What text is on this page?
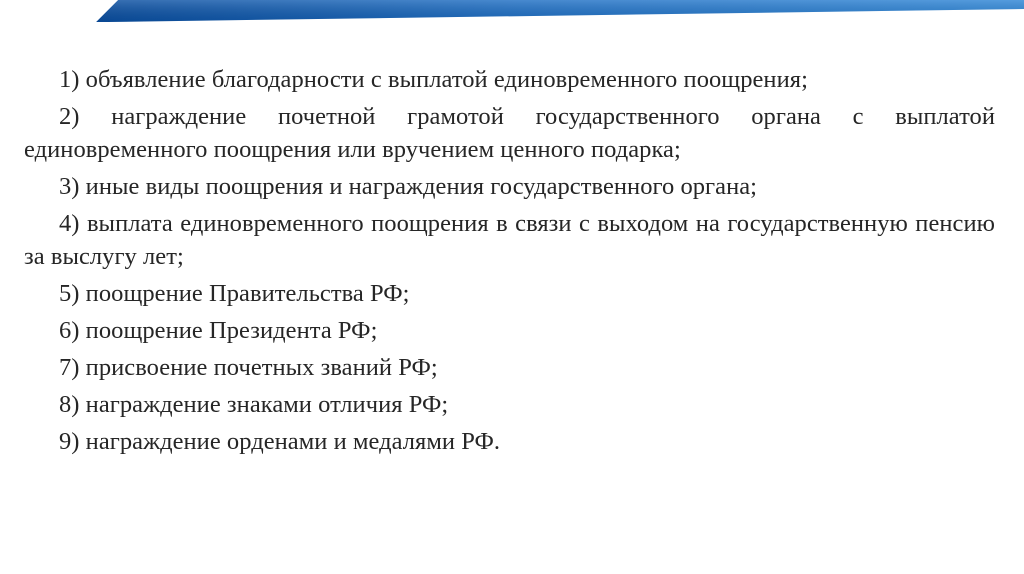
1) объявление благодарности с выплатой единовременного поощрения;

2) награждение почетной грамотой государственного органа с выплатой единовременного поощрения или вручением ценного подарка;

3) иные виды поощрения и награждения государственного органа;

4) выплата единовременного поощрения в связи с выходом на государственную пенсию за выслугу лет;

5) поощрение Правительства РФ;

6) поощрение Президента РФ;

7) присвоение почетных званий РФ;

8) награждение знаками отличия РФ;

9) награждение орденами и медалями РФ.
